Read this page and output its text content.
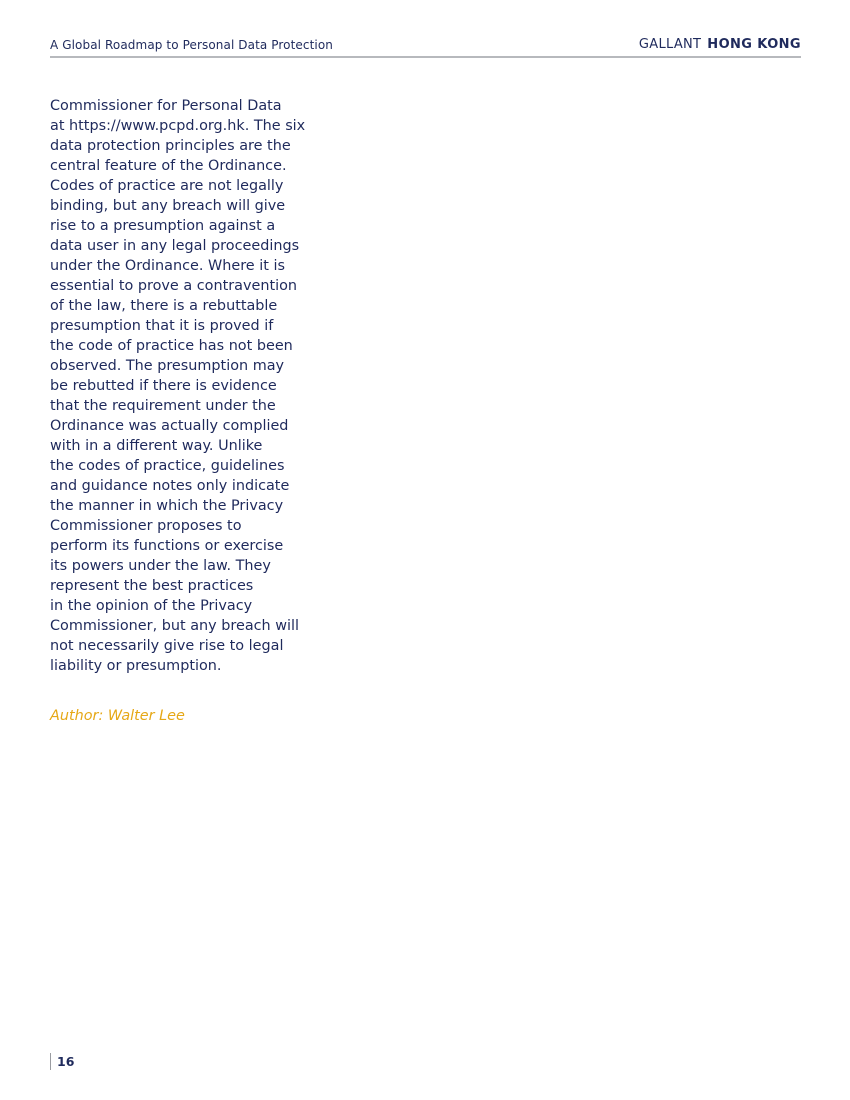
A Global Roadmap to Personal Data Protection	GALLANT HONG KONG
Commissioner for Personal Data
at https://www.pcpd.org.hk. The six
data protection principles are the
central feature of the Ordinance.
Codes of practice are not legally
binding, but any breach will give
rise to a presumption against a
data user in any legal proceedings
under the Ordinance. Where it is
essential to prove a contravention
of the law, there is a rebuttable
presumption that it is proved if
the code of practice has not been
observed. The presumption may
be rebutted if there is evidence
that the requirement under the
Ordinance was actually complied
with in a different way. Unlike
the codes of practice, guidelines
and guidance notes only indicate
the manner in which the Privacy
Commissioner proposes to
perform its functions or exercise
its powers under the law. They
represent the best practices
in the opinion of the Privacy
Commissioner, but any breach will
not necessarily give rise to legal
liability or presumption.
Author: Walter Lee
16
